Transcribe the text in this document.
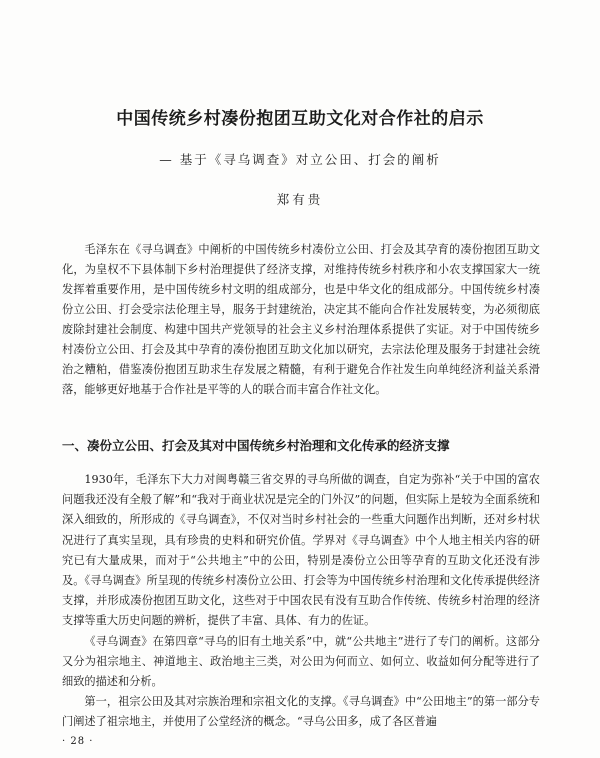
中国传统乡村凑份抱团互助文化对合作社的启示
— 基于《寻乌调查》对立公田、打会的阐析
郑有贵

毛泽东在《寻乌调查》中阐析的中国传统乡村凑份立公田、打会及其孕育的凑份抱团互助文化，为皇权不下县体制下乡村治理提供了经济支撑，对维持传统乡村秩序和小农支撑国家大一统发挥着重要作用，是中国传统乡村文明的组成部分，也是中华文化的组成部分。中国传统乡村凑份立公田、打会受宗法伦理主导，服务于封建统治，决定其不能向合作社发展转变，为必须彻底废除封建社会制度、构建中国共产党领导的社会主义乡村治理体系提供了实证。对于中国传统乡村凑份立公田、打会及其中孕育的凑份抱团互助文化加以研究，去宗法伦理及服务于封建社会统治之糟粕，借鉴凑份抱团互助求生存发展之精髓，有利于避免合作社发生向单纯经济利益关系滑落，能够更好地基于合作社是平等的人的联合而丰富合作社文化。

一、凑份立公田、打会及其对中国传统乡村治理和文化传承的经济支撑

1930年，毛泽东下大力对闽粤赣三省交界的寻乌所做的调查，自定为弥补“关于中国的富农问题我还没有全般了解”和“我对于商业状况是完全的门外汉”的问题，但实际上是较为全面系统和深入细致的，所形成的《寻乌调查》，不仅对当时乡村社会的一些重大问题作出判断，还对乡村状况进行了真实呈现，具有珍贵的史料和研究价值。学界对《寻乌调查》中个人地主相关内容的研究已有大量成果，而对于“公共地主”中的公田，特别是凑份立公田等孕育的互助文化还没有涉及。《寻乌调查》所呈现的传统乡村凑份立公田、打会等为中国传统乡村治理和文化传承提供经济支撑，并形成凑份抱团互助文化，这些对于中国农民有没有互助合作传统、传统乡村治理的经济支撑等重大历史问题的辨析，提供了丰富、具体、有力的佐证。

《寻乌调查》在第四章“寻乌的旧有土地关系”中，就“公共地主”进行了专门的阐析。这部分又分为祖宗地主、神道地主、政治地主三类，对公田为何而立、如何立、收益如何分配等进行了细致的描述和分析。

第一，祖宗公田及其对宗族治理和宗祖文化的支撑。《寻乌调查》中“公田地主”的第一部分专门阐述了祖宗地主，并使用了公堂经济的概念。“寻乌公田多，成了各区普遍

· 28 ·
